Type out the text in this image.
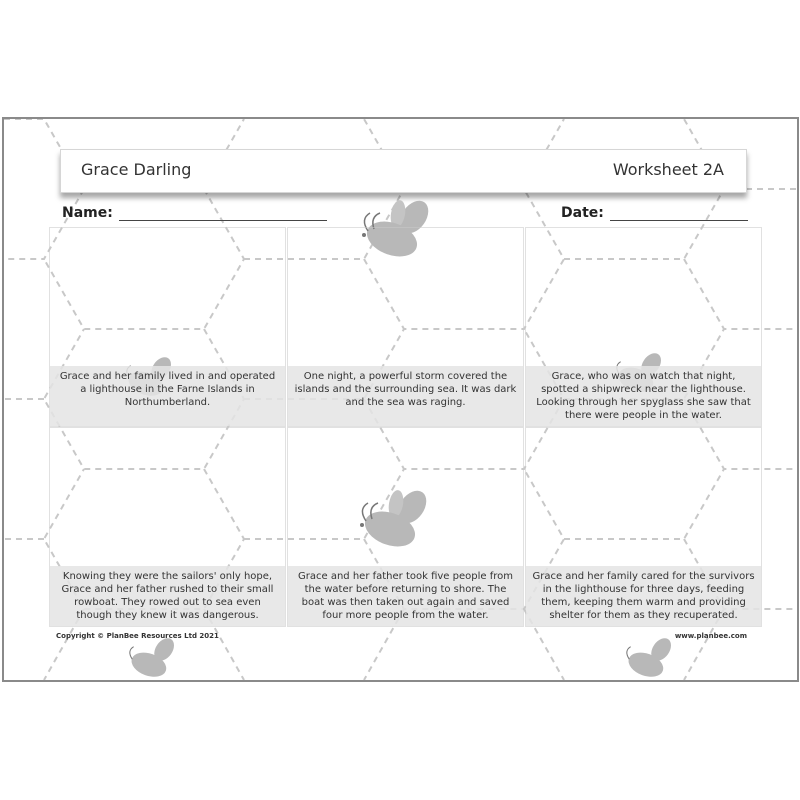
Grace Darling	Worksheet 2A
Name:	Date:
Grace and her family lived in and operated a lighthouse in the Farne Islands in Northumberland.
One night, a powerful storm covered the islands and the surrounding sea. It was dark and the sea was raging.
Grace, who was on watch that night, spotted a shipwreck near the lighthouse. Looking through her spyglass she saw that there were people in the water.
Knowing they were the sailors' only hope, Grace and her father rushed to their small rowboat. They rowed out to sea even though they knew it was dangerous.
Grace and her father took five people from the water before returning to shore. The boat was then taken out again and saved four more people from the water.
Grace and her family cared for the survivors in the lighthouse for three days, feeding them, keeping them warm and providing shelter for them as they recuperated.
Copyright © PlanBee Resources Ltd 2021	www.planbee.com
